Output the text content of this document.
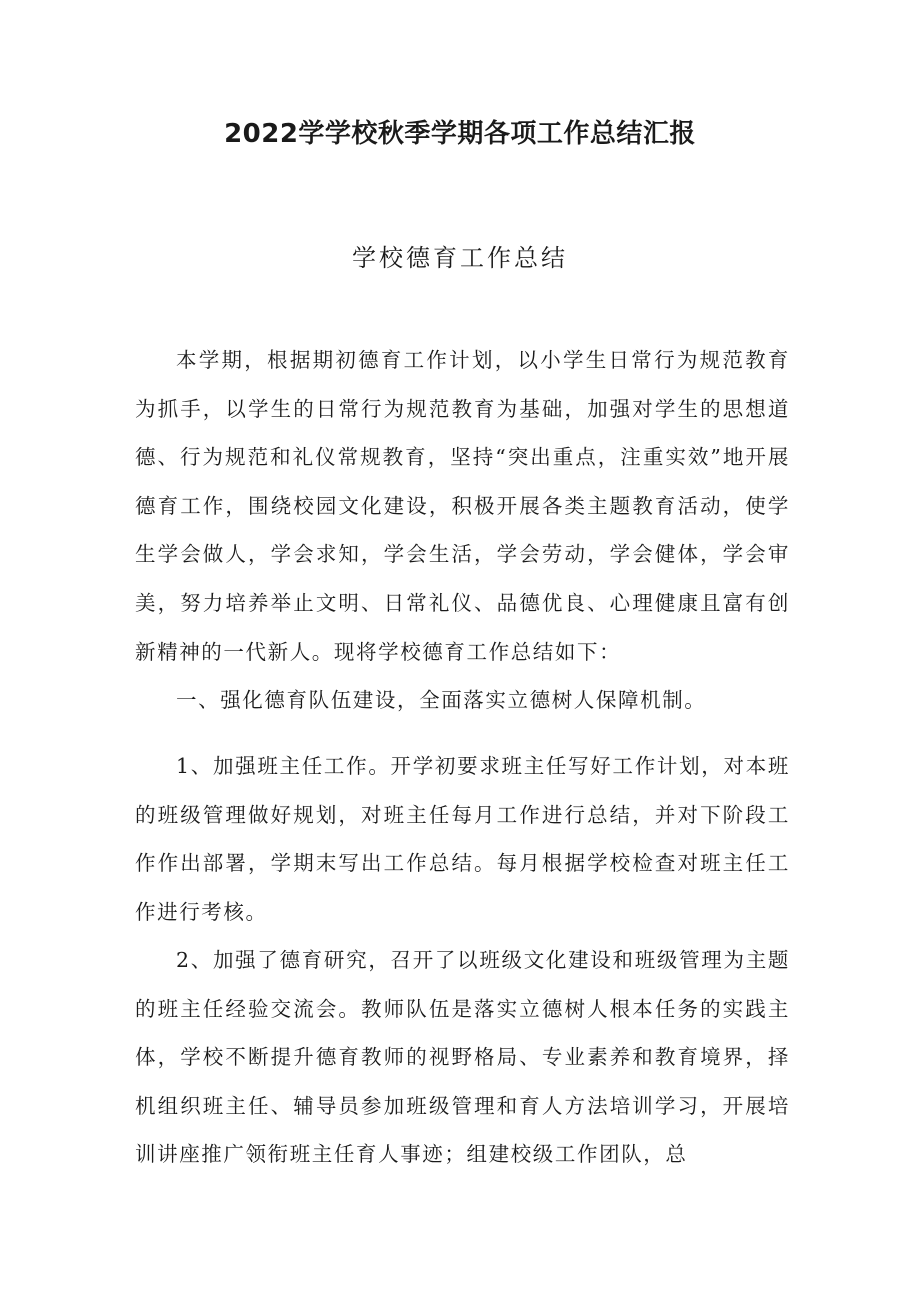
2022学学校秋季学期各项工作总结汇报
学校德育工作总结

本学期，根据期初德育工作计划，以小学生日常行为规范教育为抓手，以学生的日常行为规范教育为基础，加强对学生的思想道德、行为规范和礼仪常规教育，坚持“突出重点，注重实效”地开展德育工作，围绕校园文化建设，积极开展各类主题教育活动，使学生学会做人，学会求知，学会生活，学会劳动，学会健体，学会审美，努力培养举止文明、日常礼仪、品德优良、心理健康且富有创新精神的一代新人。现将学校德育工作总结如下：

一、强化德育队伍建设，全面落实立德树人保障机制。

1、加强班主任工作。开学初要求班主任写好工作计划，对本班的班级管理做好规划，对班主任每月工作进行总结，并对下阶段工作作出部署，学期末写出工作总结。每月根据学校检查对班主任工作进行考核。

2、加强了德育研究，召开了以班级文化建设和班级管理为主题的班主任经验交流会。教师队伍是落实立德树人根本任务的实践主体，学校不断提升德育教师的视野格局、专业素养和教育境界，择机组织班主任、辅导员参加班级管理和育人方法培训学习，开展培训讲座推广领衔班主任育人事迹；组建校级工作团队，总
